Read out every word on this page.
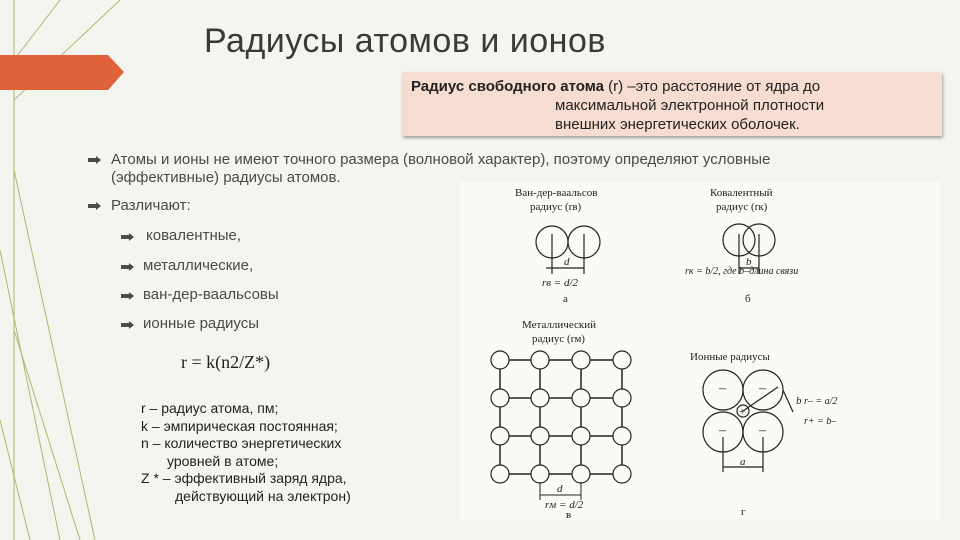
Радиусы атомов и ионов
Радиус свободного атома (r) –это расстояние от ядра до
максимальной электронной плотности
внешних энергетических оболочек.
Атомы и ионы не имеют точного размера (волновой характер), поэтому определяют условные
(эффективные) радиусы атомов.
Различают:
ковалентные,
металлические,
ван-дер-ваальсовы
ионные радиусы
r = k(n2/Z*)
r – радиус атома, пм;
k – эмпирическая постоянная;
n – количество энергетических
уровней в атоме;
Z * – эффективный заряд ядра,
действующий на электрон)
Ван-дер-ваальсов
радиус (rв)
d
rв = d/2
а
Ковалентный
радиус (rк)
b
rк = b/2, где b–длина связи
б
Металлический
радиус (rм)
d
rм = d/2
в
Ионные радиусы
– –
– –
+
a
b r– = a/2
r+ = b–
г
